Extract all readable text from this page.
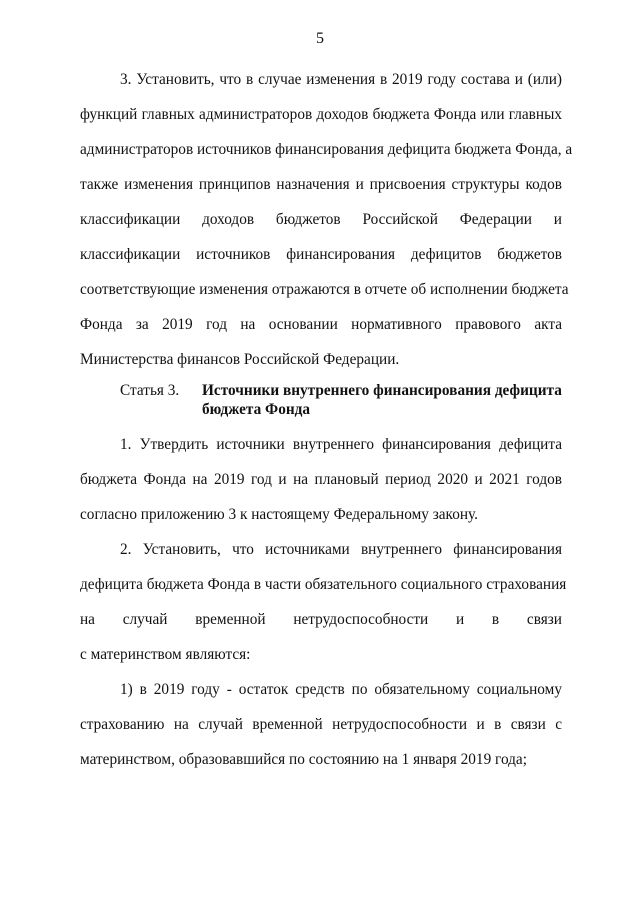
5
3. Установить, что в случае изменения в 2019 году состава и (или)
функций главных администраторов доходов бюджета Фонда или главных
администраторов источников финансирования дефицита бюджета Фонда, а
также изменения принципов назначения и присвоения структуры кодов
классификации доходов бюджетов Российской Федерации и
классификации источников финансирования дефицитов бюджетов
соответствующие изменения отражаются в отчете об исполнении бюджета
Фонда за 2019 год на основании нормативного правового акта
Министерства финансов Российской Федерации.
Статья 3. Источники внутреннего финансирования дефицита
бюджета Фонда
1. Утвердить источники внутреннего финансирования дефицита
бюджета Фонда на 2019 год и на плановый период 2020 и 2021 годов
согласно приложению 3 к настоящему Федеральному закону.
2. Установить, что источниками внутреннего финансирования
дефицита бюджета Фонда в части обязательного социального страхования
на случай временной нетрудоспособности и в связи
с материнством являются:
1) в 2019 году - остаток средств по обязательному социальному
страхованию на случай временной нетрудоспособности и в связи с
материнством, образовавшийся по состоянию на 1 января 2019 года;
